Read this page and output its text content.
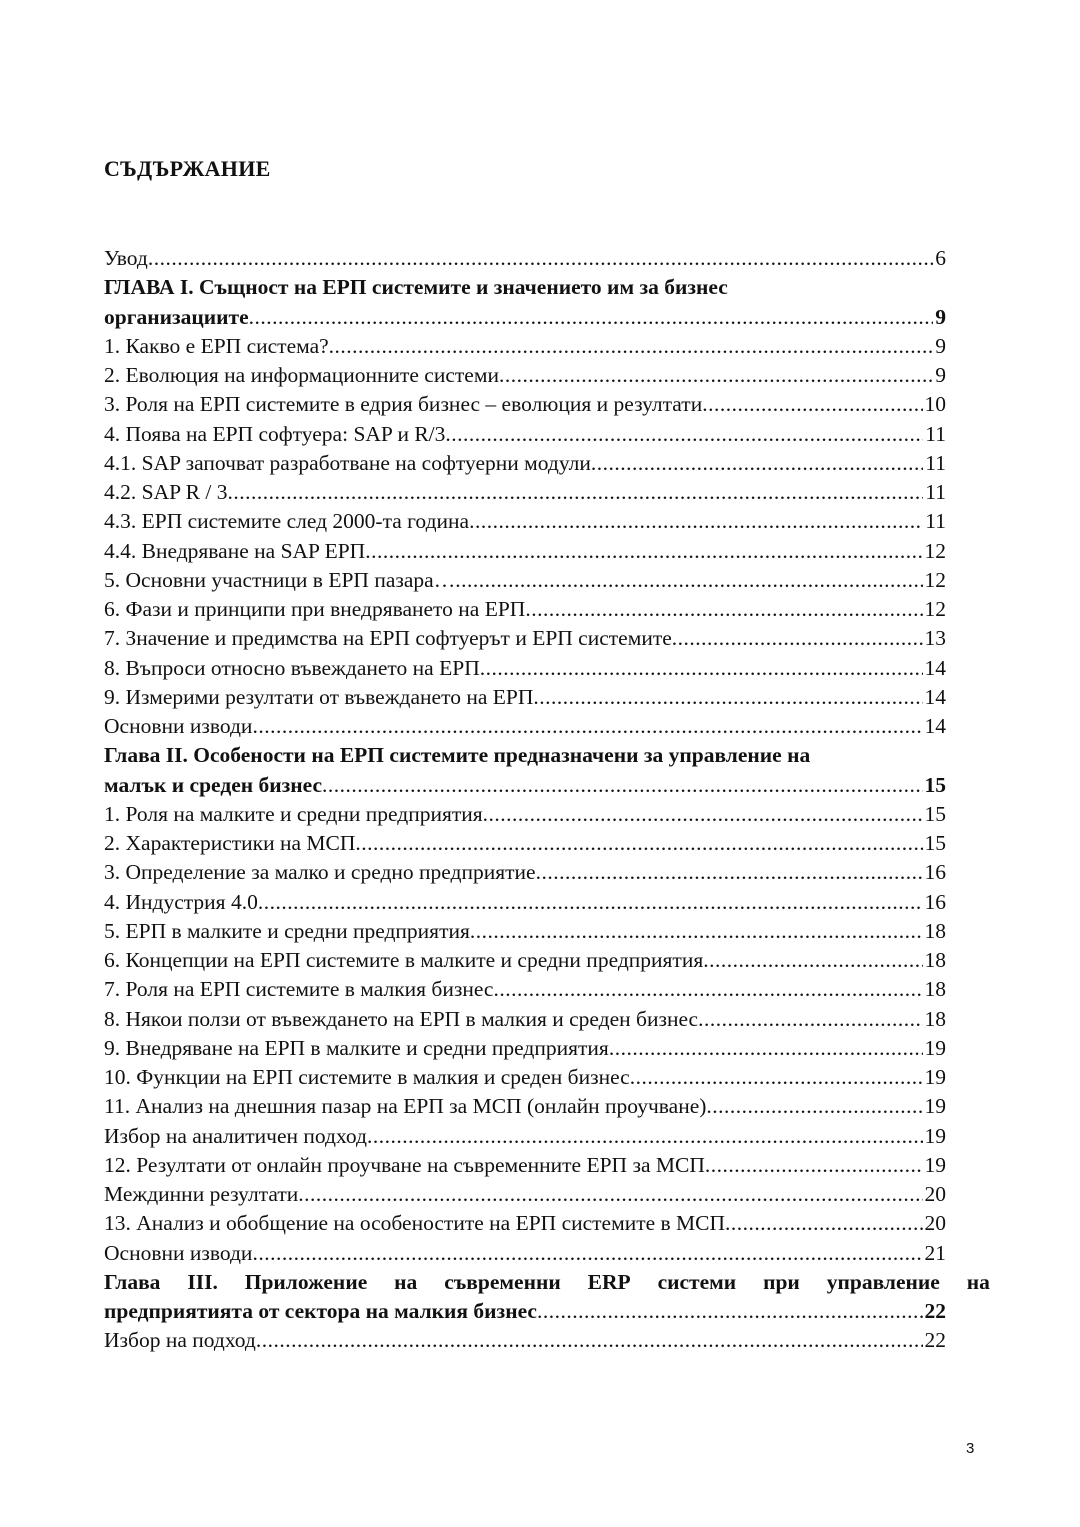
СЪДЪРЖАНИЕ
Увод .....	6
ГЛАВА I. Същност на ЕРП системите и значението им за бизнес
организациите .....	9
1. Какво е ЕРП система? .....	9
2. Еволюция на информационните системи .....	9
3. Роля на ЕРП системите в едрия бизнес – еволюция и резултати .....	10
4. Поява на ЕРП софтуера: SAP и R/3 .....	11
4.1. SAP започват разработване на софтуерни модули .....	11
4.2. SAP R / 3 .....	11
4.3. ЕРП системите след 2000-та година .....	11
4.4. Внедряване на SAP ЕРП .....	12
5. Основни участници в ЕРП пазара… .....	12
6. Фази и принципи при внедряването на ЕРП .....	12
7. Значение и предимства на ЕРП софтуерът и ЕРП системите .....	13
8. Въпроси относно въвеждането на ЕРП .....	14
9. Измерими резултати от въвеждането на ЕРП .....	14
Основни изводи .....	14
Глава II. Особености на ЕРП системите предназначени за управление на
малък и среден бизнес .....	15
1. Роля на малките и средни предприятия .....	15
2. Характеристики на МСП .....	15
3. Определение за малко и средно предприятие .....	16
4. Индустрия 4.0 .....	16
5. ЕРП в малките и средни предприятия .....	18
6. Концепции на ЕРП системите в малките и средни предприятия .....	18
7. Роля на ЕРП системите в малкия бизнес .....	18
8. Някои ползи от въвеждането на ЕРП в малкия и среден бизнес .....	18
9. Внедряване на ЕРП в малките и средни предприятия .....	19
10. Функции на ЕРП системите в малкия и среден бизнес .....	19
11. Анализ на днешния пазар на ЕРП за МСП (онлайн проучване) .....	19
Избор на аналитичен подход .....	19
12. Резултати от онлайн проучване на съвременните ЕРП за МСП .....	19
Междинни резултати .....	20
13. Анализ и обобщение на особеностите на ЕРП системите в МСП .....	20
Основни изводи .....	21
Глава III. Приложение на съвременни ERP системи при управление на
предприятията от сектора на малкия бизнес .....	22
Избор на подход .....	22
3
